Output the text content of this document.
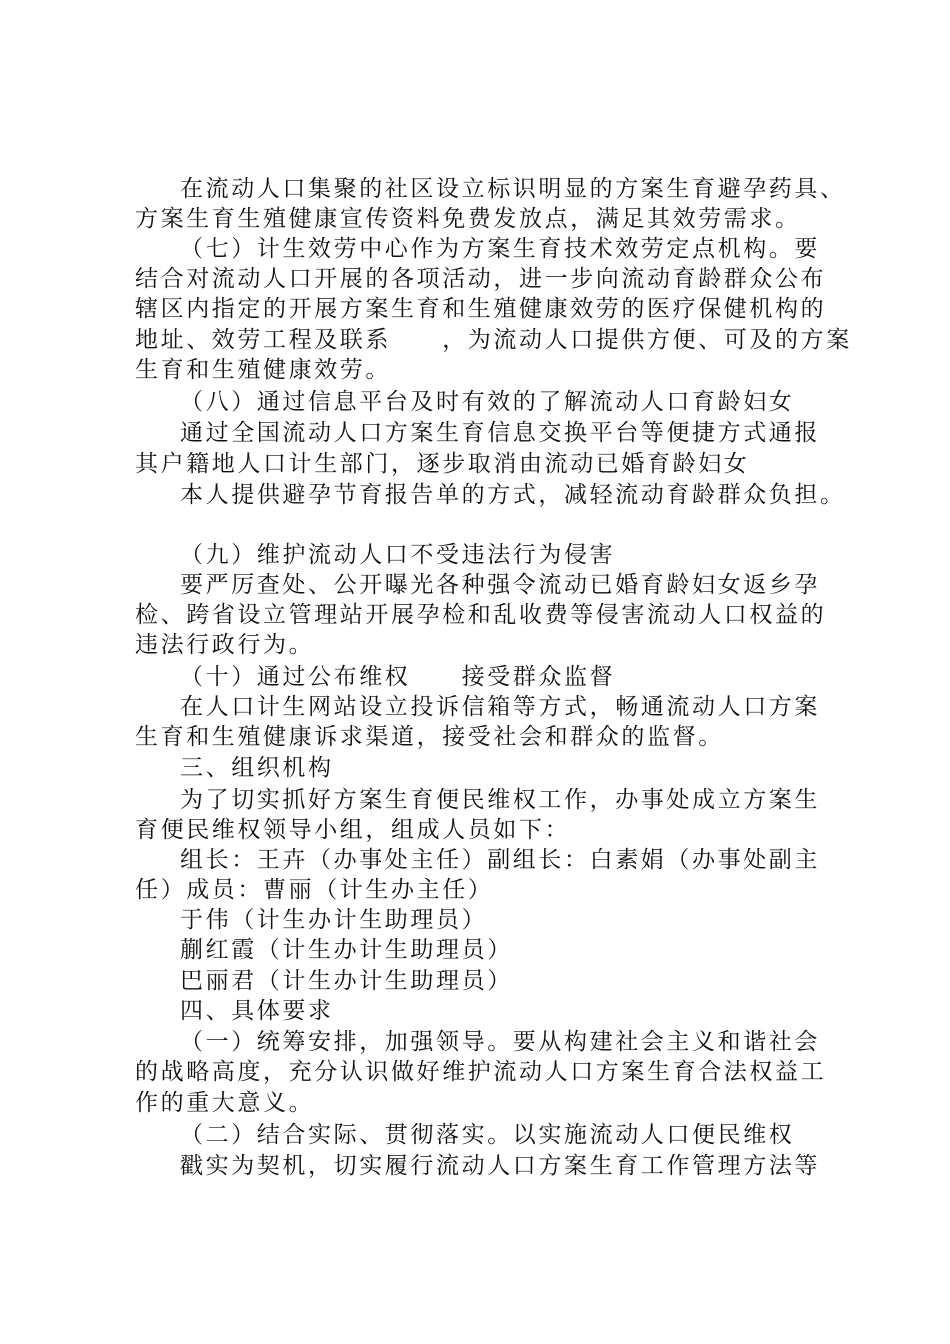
在流动人口集聚的社区设立标识明显的方案生育避孕药具、
方案生育生殖健康宣传资料免费发放点，满足其效劳需求。
（七）计生效劳中心作为方案生育技术效劳定点机构。要
结合对流动人口开展的各项活动，进一步向流动育龄群众公布
辖区内指定的开展方案生育和生殖健康效劳的医疗保健机构的
地址、效劳工程及联系　　，为流动人口提供方便、可及的方案
生育和生殖健康效劳。
（八）通过信息平台及时有效的了解流动人口育龄妇女
通过全国流动人口方案生育信息交换平台等便捷方式通报
其户籍地人口计生部门，逐步取消由流动已婚育龄妇女
本人提供避孕节育报告单的方式，减轻流动育龄群众负担。
（九）维护流动人口不受违法行为侵害
要严厉查处、公开曝光各种强令流动已婚育龄妇女返乡孕
检、跨省设立管理站开展孕检和乱收费等侵害流动人口权益的
违法行政行为。
（十）通过公布维权　　接受群众监督
在人口计生网站设立投诉信箱等方式，畅通流动人口方案
生育和生殖健康诉求渠道，接受社会和群众的监督。
三、组织机构
为了切实抓好方案生育便民维权工作，办事处成立方案生
育便民维权领导小组，组成人员如下：
组长：王卉（办事处主任）副组长：白素娟（办事处副主
任）成员：曹丽（计生办主任）
于伟（计生办计生助理员）
蒯红霞（计生办计生助理员）
巴丽君（计生办计生助理员）
四、具体要求
（一）统筹安排，加强领导。要从构建社会主义和谐社会
的战略高度，充分认识做好维护流动人口方案生育合法权益工
作的重大意义。
（二）结合实际、贯彻落实。以实施流动人口便民维权
戳实为契机，切实履行流动人口方案生育工作管理方法等
